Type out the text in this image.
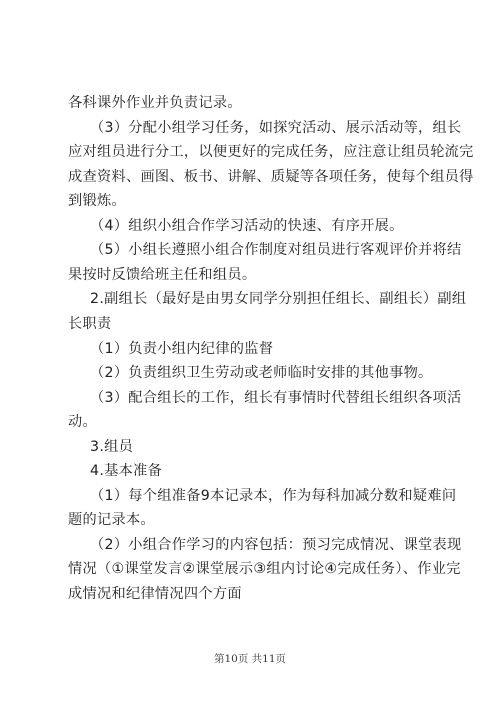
各科课外作业并负责记录。
（3）分配小组学习任务，如探究活动、展示活动等，组长
应对组员进行分工，以便更好的完成任务，应注意让组员轮流完
成查资料、画图、板书、讲解、质疑等各项任务，使每个组员得
到锻炼。
（4）组织小组合作学习活动的快速、有序开展。
（5）小组长遵照小组合作制度对组员进行客观评价并将结
果按时反馈给班主任和组员。
2.副组长（最好是由男女同学分别担任组长、副组长）副组
长职责
（1）负责小组内纪律的监督
（2）负责组织卫生劳动或老师临时安排的其他事物。
（3）配合组长的工作，组长有事情时代替组长组织各项活
动。
3.组员
4.基本准备
（1）每个组准备9本记录本，作为每科加减分数和疑难问
题的记录本。
（2）小组合作学习的内容包括：预习完成情况、课堂表现
情况（①课堂发言②课堂展示③组内讨论④完成任务）、作业完
成情况和纪律情况四个方面
第10页 共11页
